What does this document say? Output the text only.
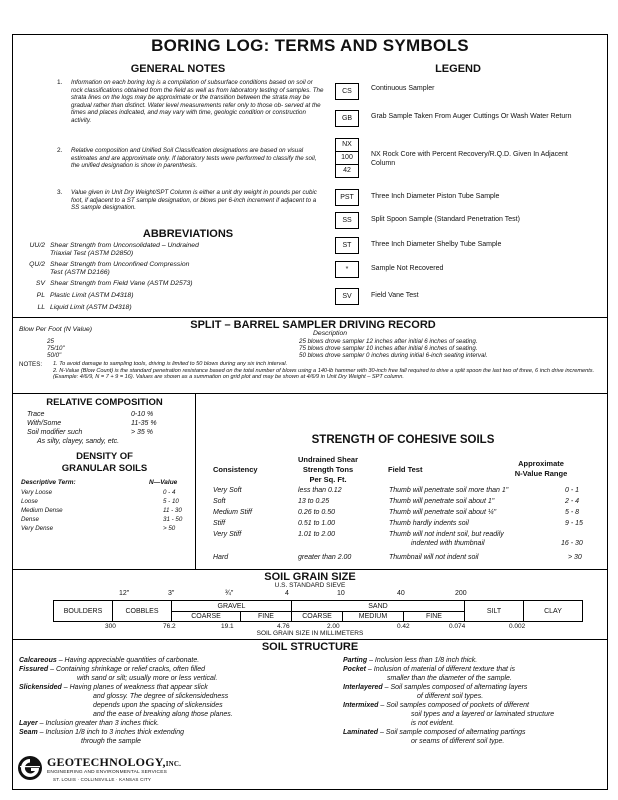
BORING LOG: TERMS AND SYMBOLS
GENERAL NOTES
1. Information on each boring log is a compilation of subsurface conditions based on soil or rock classifications obtained from the field as well as from laboratory testing of samples. The strata lines on the logs may be approximate or the transition between the strata may be gradual rather than distinct. Water level measurements refer only to those ob- served at the times and places indicated, and may vary with time, geologic condition or construction activity.
2. Relative composition and Unified Soil Classification designations are based on visual estimates and are approximate only. If laboratory tests were performed to classify the soil, the unified designation is show in parenthesis.
3. Value given in Unit Dry Weight/SPT Column is either a unit dry weight in pounds per cubic foot, if adjacent to a ST sample designation, or blows per 6-inch increment if adjacent to a SS sample designation.
LEGEND
CS	Continuous Sampler
GB	Grab Sample Taken From Auger Cuttings Or Wash Water Return
NX
100
42
NX Rock Core with Percent Recovery/R.Q.D. Given In Adjacent Column
PST	Three Inch Diameter Piston Tube Sample
SS	Split Spoon Sample (Standard Penetration Test)
ST	Three Inch Diameter Shelby Tube Sample
*	Sample Not Recovered
SV	Field Vane Test
ABBREVIATIONS
UU/2 Shear Strength from Unconsolidated – Undrained
Triaxial Test (ASTM D2850)
QU/2 Shear Strength from Unconfined Compression
Test (ASTM D2166)
SV Shear Strength from Field Vane (ASTM D2573)
PL Plastic Limit (ASTM D4318)
LL Liquid Limit (ASTM D4318)
SPLIT – BARREL SAMPLER DRIVING RECORD
Blow Per Foot (N Value)
Description
25	25 blows drove sampler 12 inches after initial 6 inches of seating.
75/10"	75 blows drove sampler 10 inches after initial 6 inches of seating.
50/0"	50 blows drove sampler 0 inches during initial 6-inch seating interval.
NOTES: 1. To avoid damage to sampling tools, driving is limited to 50 blows during any six inch interval.
2. N-Value (Blow Count) is the standard penetration resistance based on the total number of blows using a 140-lb hammer with 30-inch free fall required to drive a split spoon the last two of three, 6 inch drive increments. (Example: 4/6/9, N = 7 + 9 = 16). Values are shown as a summation on grid plot and may be shown at 4/6/9 in Unit Dry Weight – SPT column.
RELATIVE COMPOSITION
Trace	0-10 %
With/Some	11-35 %
Soil modifier such	> 35 %
As silty, clayey, sandy, etc.
DENSITY OF
GRANULAR SOILS
Descriptive Term:	N—Value
Very Loose	0 - 4
Loose	5 - 10
Medium Dense	11 - 30
Dense	31 - 50
Very Dense	> 50
STRENGTH OF COHESIVE SOILS
Consistency
Undrained Shear
Strength Tons
Per Sq. Ft.
Field Test
Approximate
N-Value Range
Very Soft	less than 0.12	Thumb will penetrate soil more than 1"	0 - 1
Soft	13 to 0.25	Thumb will penetrate soil about 1"	2 - 4
Medium Stiff	0.26 to 0.50	Thumb will penetrate soil about ¼"	5 - 8
Stiff	0.51 to 1.00	Thumb hardly indents soil	9 - 15
Very Stiff	1.01 to 2.00	Thumb will not indent soil, but readily
indented with thumbnail	16 - 30
Hard	greater than 2.00	Thumbnail will not indent soil	> 30
SOIL GRAIN SIZE
U.S. STANDARD SIEVE
12"	3"	¾"	4	10	40	200
BOULDERS	COBBLES	GRAVEL		SAND			SILT	CLAY
		COARSE	FINE	COARSE	MEDIUM	FINE		
300	76.2	19.1	4.76	2.00	0.42	0.074	0.002
SOIL GRAIN SIZE IN MILLIMETERS
SOIL STRUCTURE
Calcareous – Having appreciable quantities of carbonate.
Fissured – Containing shrinkage or relief cracks, often filled
with sand or silt; usually more or less vertical.
Slickensided – Having planes of weakness that appear slick
and glossy. The degree of slickensidedness
depends upon the spacing of slickensides
and the ease of breaking along those planes.
Layer – Inclusion greater than 3 inches thick.
Seam – Inclusion 1/8 inch to 3 inches thick extending
through the sample
Parting – Inclusion less than 1/8 inch thick.
Pocket – Inclusion of material of different texture that is
smaller than the diameter of the sample.
Interlayered – Soil samples composed of alternating layers
of different soil types.
Intermixed – Soil samples composed of pockets of different
soil types and a layered or laminated structure
is not evident.
Laminated – Soil sample composed of alternating partings
or seams of different soil type.
GEOTECHNOLOGY,INC.
ENGINEERING AND ENVIRONMENTAL SERVICES
ST. LOUIS · COLLINSVILLE · KANSAS CITY
